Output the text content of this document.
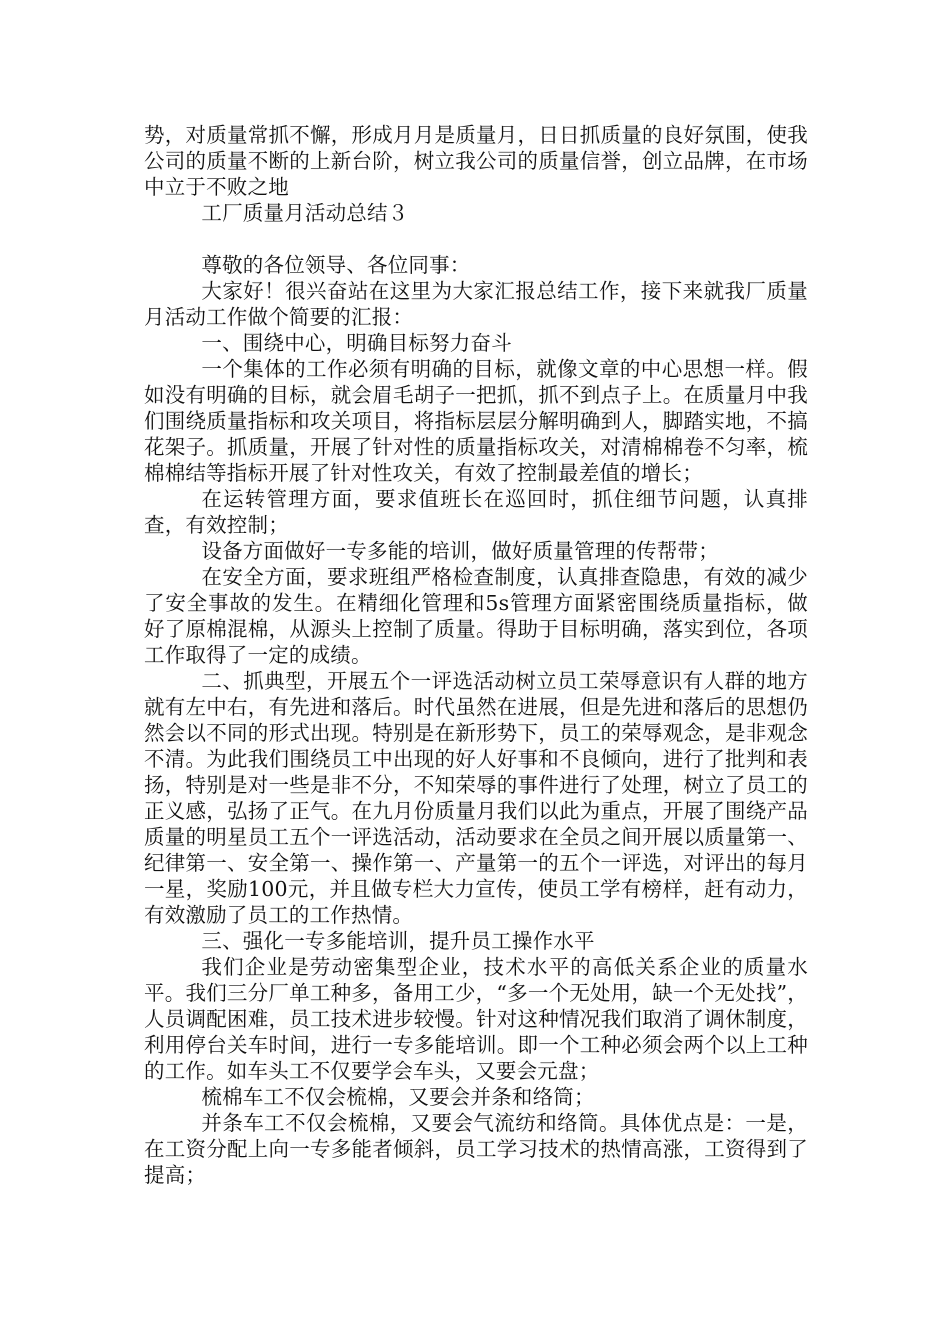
势，对质量常抓不懈，形成月月是质量月，日日抓质量的良好氛围，使我公司的质量不断的上新台阶，树立我公司的质量信誉，创立品牌，在市场中立于不败之地

工厂质量月活动总结３

尊敬的各位领导、各位同事：

大家好！很兴奋站在这里为大家汇报总结工作，接下来就我厂质量月活动工作做个简要的汇报：

一、围绕中心，明确目标努力奋斗

一个集体的工作必须有明确的目标，就像文章的中心思想一样。假如没有明确的目标，就会眉毛胡子一把抓，抓不到点子上。在质量月中我们围绕质量指标和攻关项目，将指标层层分解明确到人，脚踏实地，不搞花架子。抓质量，开展了针对性的质量指标攻关，对清棉棉卷不匀率，梳棉棉结等指标开展了针对性攻关，有效了控制最差值的增长；

在运转管理方面，要求值班长在巡回时，抓住细节问题，认真排查，有效控制；

设备方面做好一专多能的培训，做好质量管理的传帮带；

在安全方面，要求班组严格检查制度，认真排查隐患，有效的减少了安全事故的发生。在精细化管理和5s管理方面紧密围绕质量指标，做好了原棉混棉，从源头上控制了质量。得助于目标明确，落实到位，各项工作取得了一定的成绩。

二、抓典型，开展五个一评选活动树立员工荣辱意识有人群的地方就有左中右，有先进和落后。时代虽然在进展，但是先进和落后的思想仍然会以不同的形式出现。特别是在新形势下，员工的荣辱观念，是非观念不清。为此我们围绕员工中出现的好人好事和不良倾向，进行了批判和表扬，特别是对一些是非不分，不知荣辱的事件进行了处理，树立了员工的正义感，弘扬了正气。在九月份质量月我们以此为重点，开展了围绕产品质量的明星员工五个一评选活动，活动要求在全员之间开展以质量第一、纪律第一、安全第一、操作第一、产量第一的五个一评选，对评出的每月一星，奖励100元，并且做专栏大力宣传，使员工学有榜样，赶有动力，有效激励了员工的工作热情。

三、强化一专多能培训，提升员工操作水平

我们企业是劳动密集型企业，技术水平的高低关系企业的质量水平。我们三分厂单工种多，备用工少，“多一个无处用，缺一个无处找”，人员调配困难，员工技术进步较慢。针对这种情况我们取消了调休制度，利用停台关车时间，进行一专多能培训。即一个工种必须会两个以上工种的工作。如车头工不仅要学会车头，又要会元盘；

梳棉车工不仅会梳棉，又要会并条和络筒；

并条车工不仅会梳棉，又要会气流纺和络筒。具体优点是：一是，在工资分配上向一专多能者倾斜，员工学习技术的热情高涨，工资得到了提高；
